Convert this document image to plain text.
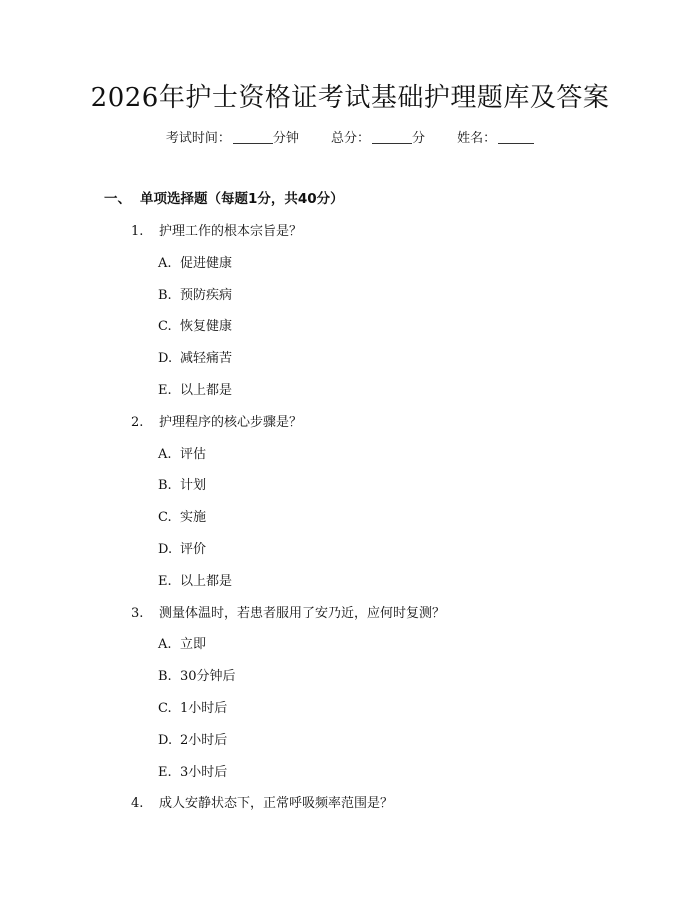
2026年护士资格证考试基础护理题库及答案
考试时间：	分钟 总分：	分 姓名：
一、 单项选择题（每题1分，共40分）
1. 护理工作的根本宗旨是？
A. 促进健康
B. 预防疾病
C. 恢复健康
D. 减轻痛苦
E. 以上都是
2. 护理程序的核心步骤是？
A. 评估
B. 计划
C. 实施
D. 评价
E. 以上都是
3. 测量体温时，若患者服用了安乃近，应何时复测？
A. 立即
B. 30分钟后
C. 1小时后
D. 2小时后
E. 3小时后
4. 成人安静状态下，正常呼吸频率范围是？
